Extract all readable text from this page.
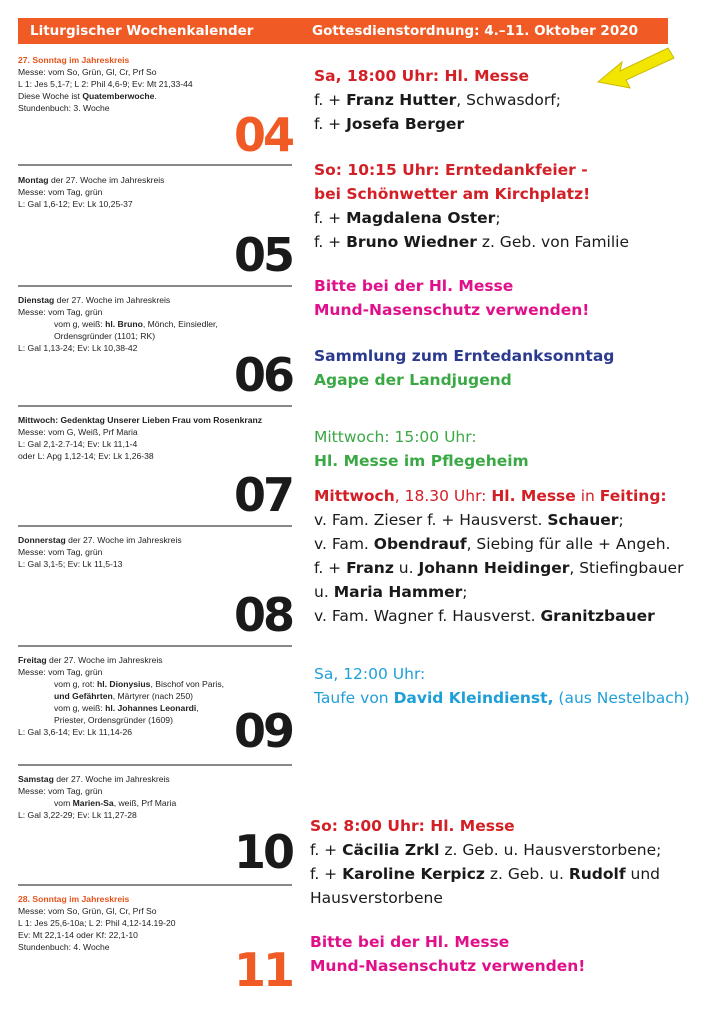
Liturgischer Wochenkalender	Gottesdienstordnung: 4.–11. Oktober 2020
27. Sonntag im Jahreskreis
Messe: vom So, Grün, Gl, Cr, Prf So
L 1: Jes 5,1-7; L 2: Phil 4,6-9; Ev: Mt 21,33-44
Diese Woche ist Quatemberwoche.
Stundenbuch: 3. Woche	04
Montag der 27. Woche im Jahreskreis
Messe: vom Tag, grün
L: Gal 1,6-12; Ev: Lk 10,25-37
05
Dienstag der 27. Woche im Jahreskreis
Messe: vom Tag, grün
vom g, weiß: hl. Bruno, Mönch, Einsiedler,
Ordensgründer (1101; RK)
L: Gal 1,13-24; Ev: Lk 10,38-42	06
Mittwoch: Gedenktag Unserer Lieben Frau vom Rosenkranz
Messe: vom G, Weiß, Prf Maria
L: Gal 2,1-2.7-14; Ev: Lk 11,1-4
oder L: Apg 1,12-14; Ev: Lk 1,26-38
07
Donnerstag der 27. Woche im Jahreskreis
Messe: vom Tag, grün
L: Gal 3,1-5; Ev: Lk 11,5-13
08
Freitag der 27. Woche im Jahreskreis
Messe: vom Tag, grün
vom g, rot: hl. Dionysius, Bischof von Paris,
und Gefährten, Märtyrer (nach 250)
vom g, weiß: hl. Johannes Leonardi,
Priester, Ordensgründer (1609)
L: Gal 3,6-14; Ev: Lk 11,14-26	09
Samstag der 27. Woche im Jahreskreis
Messe: vom Tag, grün
vom Marien-Sa, weiß, Prf Maria
L: Gal 3,22-29; Ev: Lk 11,27-28
10
28. Sonntag im Jahreskreis
Messe: vom So, Grün, Gl, Cr, Prf So
L 1: Jes 25,6-10a; L 2: Phil 4,12-14.19-20
Ev: Mt 22,1-14 oder Kf: 22,1-10
Stundenbuch: 4. Woche	11
Sa, 18:00 Uhr: Hl. Messe
f. + Franz Hutter, Schwasdorf;
f. + Josefa Berger
So: 10:15 Uhr: Erntedankfeier -
bei Schönwetter am Kirchplatz!
f. + Magdalena Oster;
f. + Bruno Wiedner z. Geb. von Familie
Bitte bei der Hl. Messe
Mund-Nasenschutz verwenden!
Sammlung zum Erntedanksonntag
Agape der Landjugend
Mittwoch: 15:00 Uhr:
Hl. Messe im Pflegeheim
Mittwoch, 18.30 Uhr: Hl. Messe in Feiting:
v. Fam. Zieser f. + Hausverst. Schauer;
v. Fam. Obendrauf, Siebing für alle + Angeh.
f. + Franz u. Johann Heidinger, Stiefingbauer
u. Maria Hammer;
v. Fam. Wagner f. Hausverst. Granitzbauer
Sa, 12:00 Uhr:
Taufe von David Kleindienst, (aus Nestelbach)
So: 8:00 Uhr: Hl. Messe
f. + Cäcilia Zrkl z. Geb. u. Hausverstorbene;
f. + Karoline Kerpicz z. Geb. u. Rudolf und
Hausverstorbene
Bitte bei der Hl. Messe
Mund-Nasenschutz verwenden!
